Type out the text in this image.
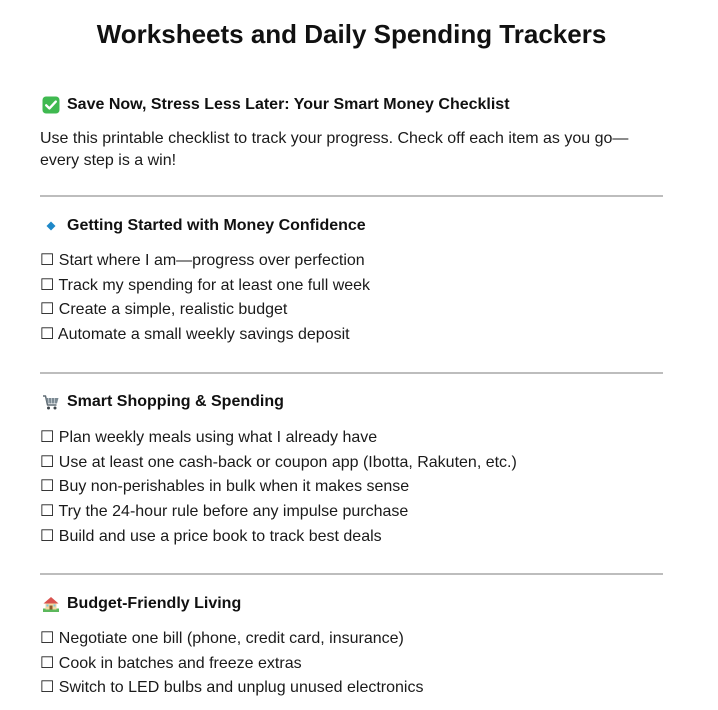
Worksheets and Daily Spending Trackers
Save Now, Stress Less Later: Your Smart Money Checklist
Use this printable checklist to track your progress. Check off each item as you go—every step is a win!
Getting Started with Money Confidence
☐ Start where I am—progress over perfection
☐ Track my spending for at least one full week
☐ Create a simple, realistic budget
☐ Automate a small weekly savings deposit
Smart Shopping & Spending
☐ Plan weekly meals using what I already have
☐ Use at least one cash-back or coupon app (Ibotta, Rakuten, etc.)
☐ Buy non-perishables in bulk when it makes sense
☐ Try the 24-hour rule before any impulse purchase
☐ Build and use a price book to track best deals
Budget-Friendly Living
☐ Negotiate one bill (phone, credit card, insurance)
☐ Cook in batches and freeze extras
☐ Switch to LED bulbs and unplug unused electronics
